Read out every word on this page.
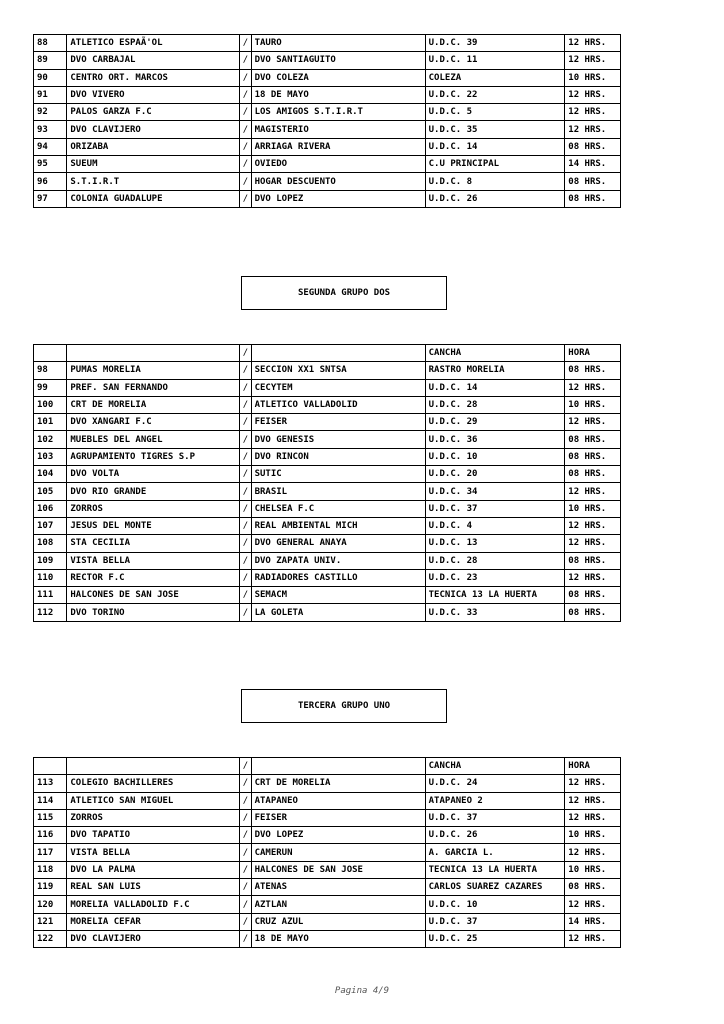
88	ATLETICO ESPAÃ'OL	/	TAURO	U.D.C. 39	12 HRS.
89	DVO CARBAJAL	/	DVO SANTIAGUITO	U.D.C. 11	12 HRS.
90	CENTRO ORT. MARCOS	/	DVO COLEZA	COLEZA	10 HRS.
91	DVO VIVERO	/	18 DE MAYO	U.D.C. 22	12 HRS.
92	PALOS GARZA F.C	/	LOS AMIGOS S.T.I.R.T	U.D.C. 5	12 HRS.
93	DVO CLAVIJERO	/	MAGISTERIO	U.D.C. 35	12 HRS.
94	ORIZABA	/	ARRIAGA RIVERA	U.D.C. 14	08 HRS.
95	SUEUM	/	OVIEDO	C.U PRINCIPAL	14 HRS.
96	S.T.I.R.T	/	HOGAR DESCUENTO	U.D.C. 8	08 HRS.
97	COLONIA GUADALUPE	/	DVO LOPEZ	U.D.C. 26	08 HRS.
SEGUNDA GRUPO DOS
		/		CANCHA	HORA
98	PUMAS MORELIA	/	SECCION XX1 SNTSA	RASTRO MORELIA	08 HRS.
99	PREF. SAN FERNANDO	/	CECYTEM	U.D.C. 14	12 HRS.
100	CRT DE MORELIA	/	ATLETICO VALLADOLID	U.D.C. 28	10 HRS.
101	DVO XANGARI F.C	/	FEISER	U.D.C. 29	12 HRS.
102	MUEBLES DEL ANGEL	/	DVO GENESIS	U.D.C. 36	08 HRS.
103	AGRUPAMIENTO TIGRES S.P	/	DVO RINCON	U.D.C. 10	08 HRS.
104	DVO VOLTA	/	SUTIC	U.D.C. 20	08 HRS.
105	DVO RIO GRANDE	/	BRASIL	U.D.C. 34	12 HRS.
106	ZORROS	/	CHELSEA F.C	U.D.C. 37	10 HRS.
107	JESUS DEL MONTE	/	REAL AMBIENTAL MICH	U.D.C. 4	12 HRS.
108	STA CECILIA	/	DVO GENERAL ANAYA	U.D.C. 13	12 HRS.
109	VISTA BELLA	/	DVO ZAPATA UNIV.	U.D.C. 28	08 HRS.
110	RECTOR F.C	/	RADIADORES CASTILLO	U.D.C. 23	12 HRS.
111	HALCONES DE SAN JOSE	/	SEMACM	TECNICA 13 LA HUERTA	08 HRS.
112	DVO TORINO	/	LA GOLETA	U.D.C. 33	08 HRS.
TERCERA GRUPO UNO
		/		CANCHA	HORA
113	COLEGIO BACHILLERES	/	CRT DE MORELIA	U.D.C. 24	12 HRS.
114	ATLETICO SAN MIGUEL	/	ATAPANEO	ATAPANEO 2	12 HRS.
115	ZORROS	/	FEISER	U.D.C. 37	12 HRS.
116	DVO TAPATIO	/	DVO LOPEZ	U.D.C. 26	10 HRS.
117	VISTA BELLA	/	CAMERUN	A. GARCIA L.	12 HRS.
118	DVO LA PALMA	/	HALCONES DE SAN JOSE	TECNICA 13 LA HUERTA	10 HRS.
119	REAL SAN LUIS	/	ATENAS	CARLOS SUAREZ CAZARES	08 HRS.
120	MORELIA VALLADOLID F.C	/	AZTLAN	U.D.C. 10	12 HRS.
121	MORELIA CEFAR	/	CRUZ AZUL	U.D.C. 37	14 HRS.
122	DVO CLAVIJERO	/	18 DE MAYO	U.D.C. 25	12 HRS.
Pagina 4/9
